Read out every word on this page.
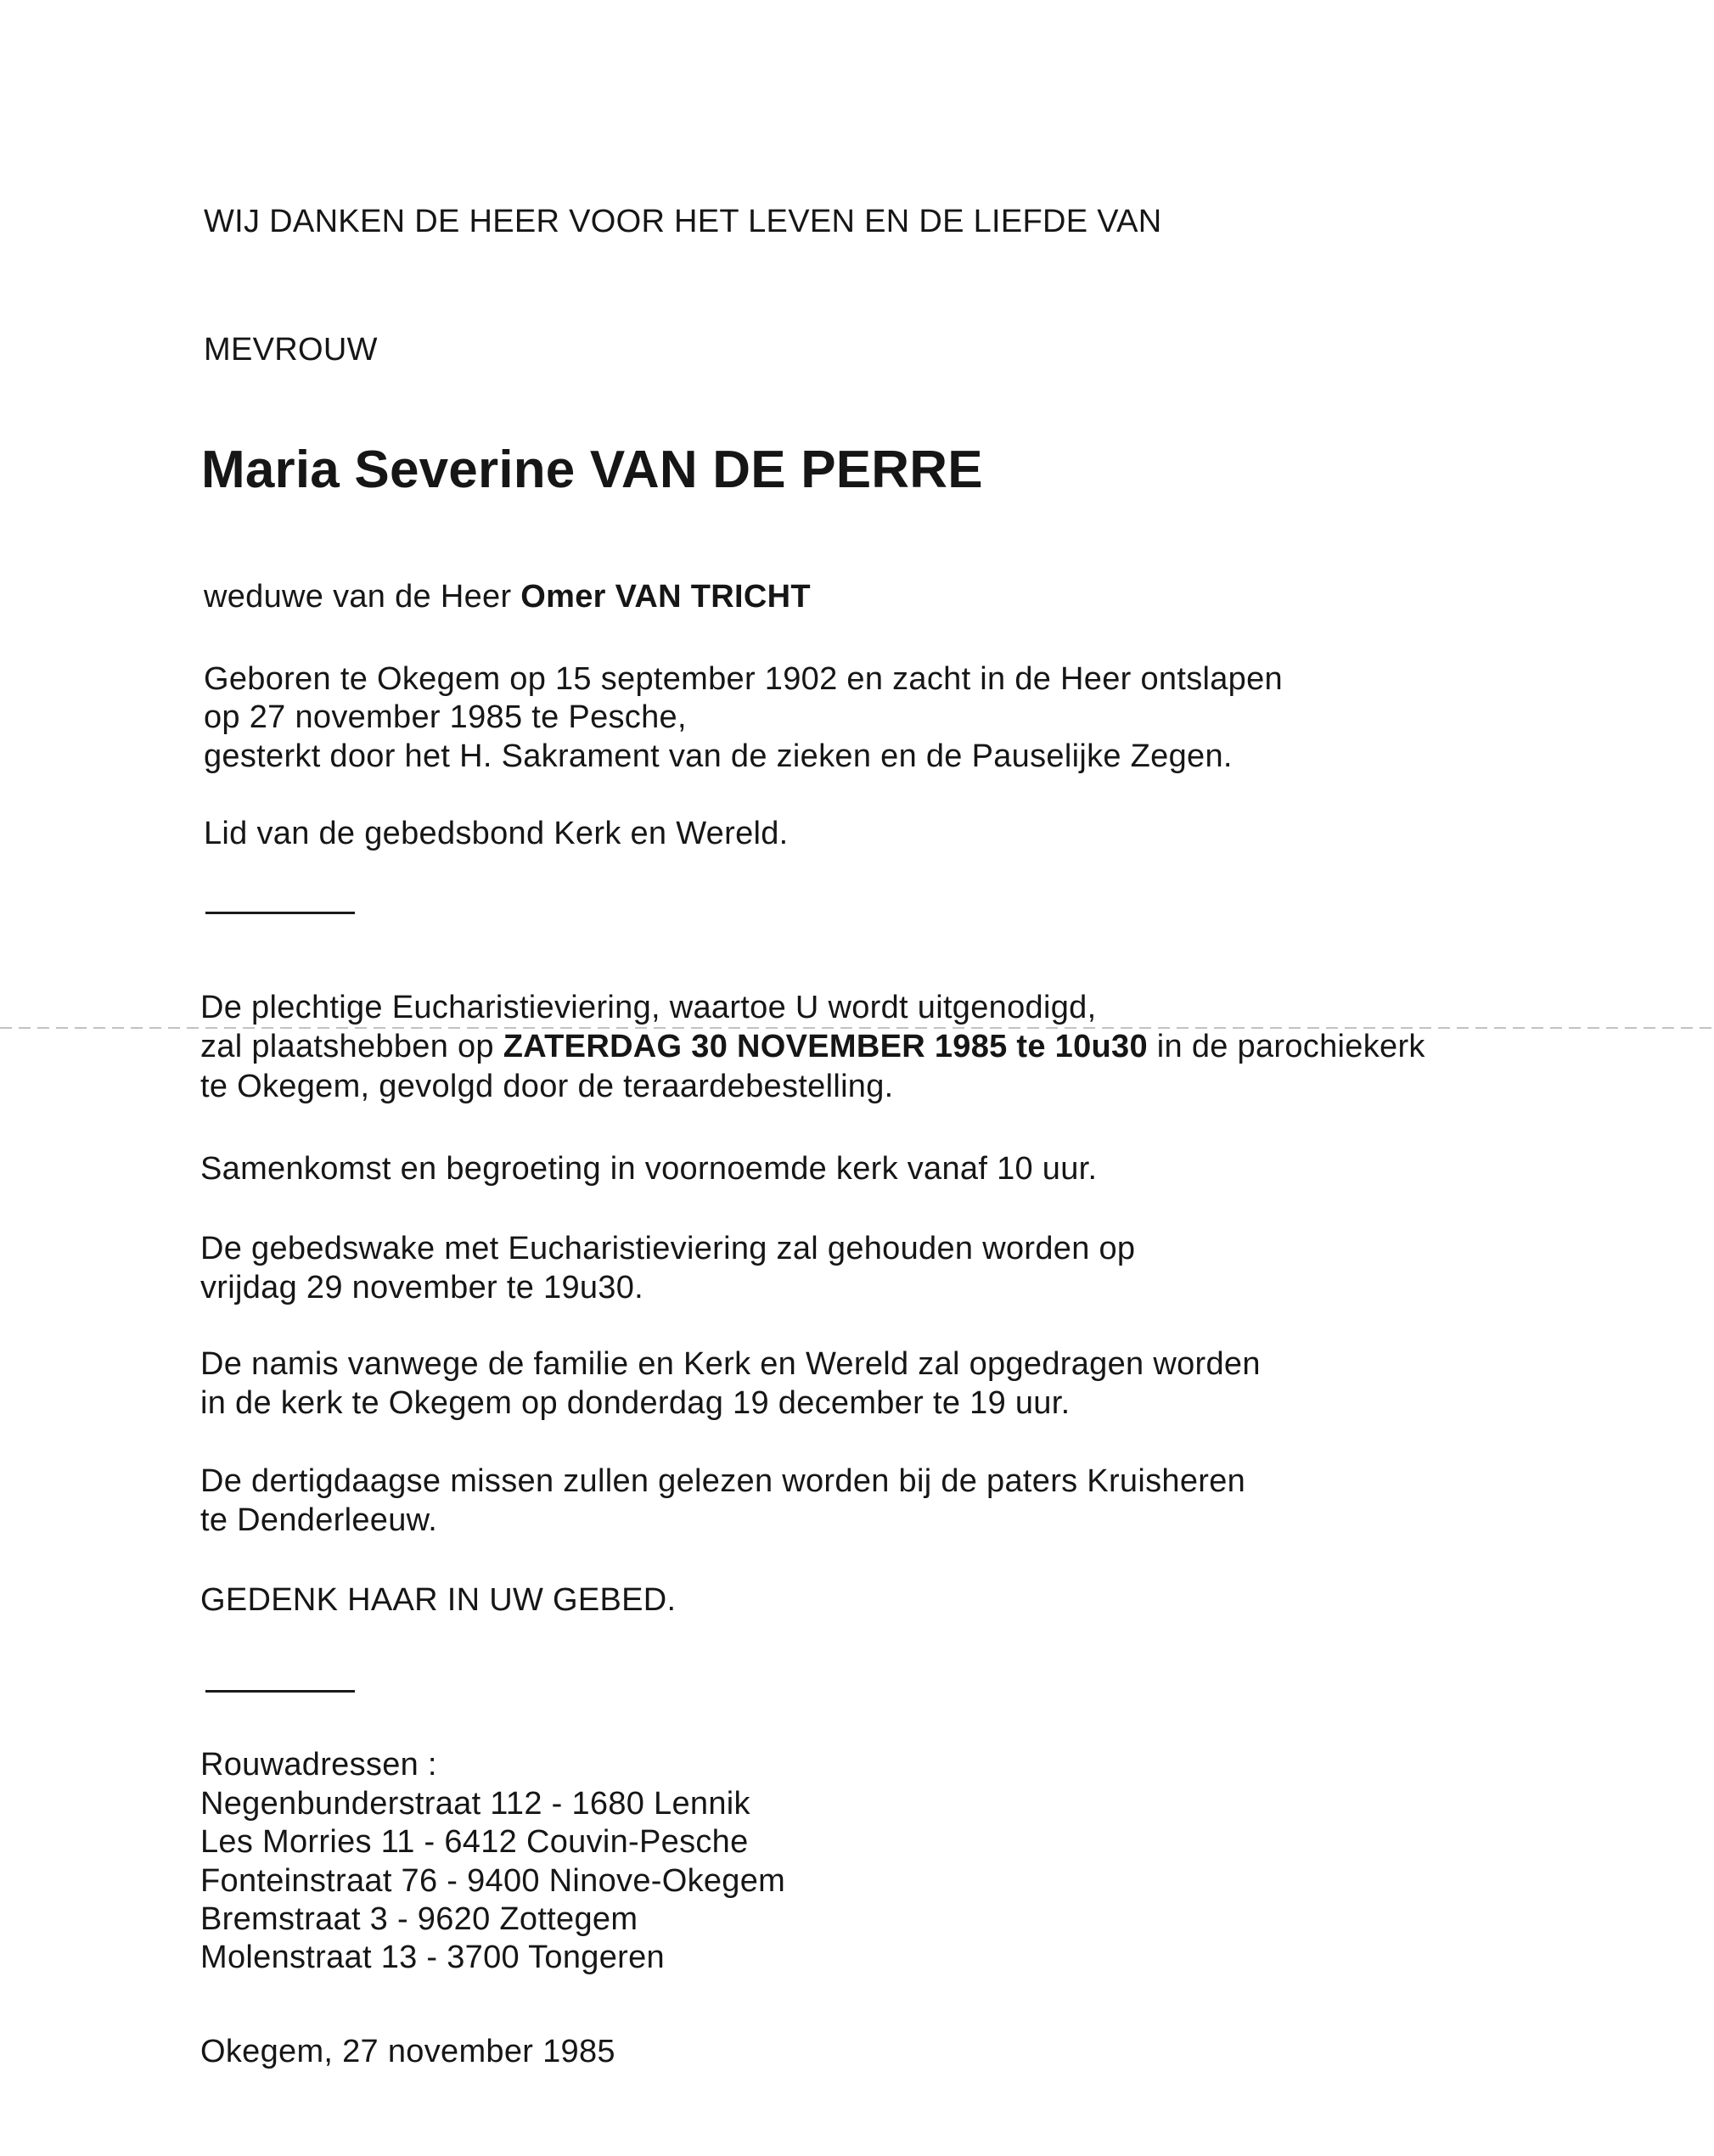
WIJ DANKEN DE HEER VOOR HET LEVEN EN DE LIEFDE VAN

MEVROUW

Maria Severine VAN DE PERRE

weduwe van de Heer Omer VAN TRICHT

Geboren te Okegem op 15 september 1902 en zacht in de Heer ontslapen

op 27 november 1985 te Pesche,

gesterkt door het H. Sakrament van de zieken en de Pauselijke Zegen.

Lid van de gebedsbond Kerk en Wereld.

De plechtige Eucharistieviering, waartoe U wordt uitgenodigd,

zal plaatshebben op ZATERDAG 30 NOVEMBER 1985 te 10u30 in de parochiekerk

te Okegem, gevolgd door de teraardebestelling.

Samenkomst en begroeting in voornoemde kerk vanaf 10 uur.

De gebedswake met Eucharistieviering zal gehouden worden op

vrijdag 29 november te 19u30.

De namis vanwege de familie en Kerk en Wereld zal opgedragen worden

in de kerk te Okegem op donderdag 19 december te 19 uur.

De dertigdaagse missen zullen gelezen worden bij de paters Kruisheren

te Denderleeuw.

GEDENK HAAR IN UW GEBED.

Rouwadressen :

Negenbunderstraat 112 - 1680 Lennik

Les Morries 11 - 6412 Couvin-Pesche

Fonteinstraat 76 - 9400 Ninove-Okegem

Bremstraat 3 - 9620 Zottegem

Molenstraat 13 - 3700 Tongeren

Okegem, 27 november 1985
